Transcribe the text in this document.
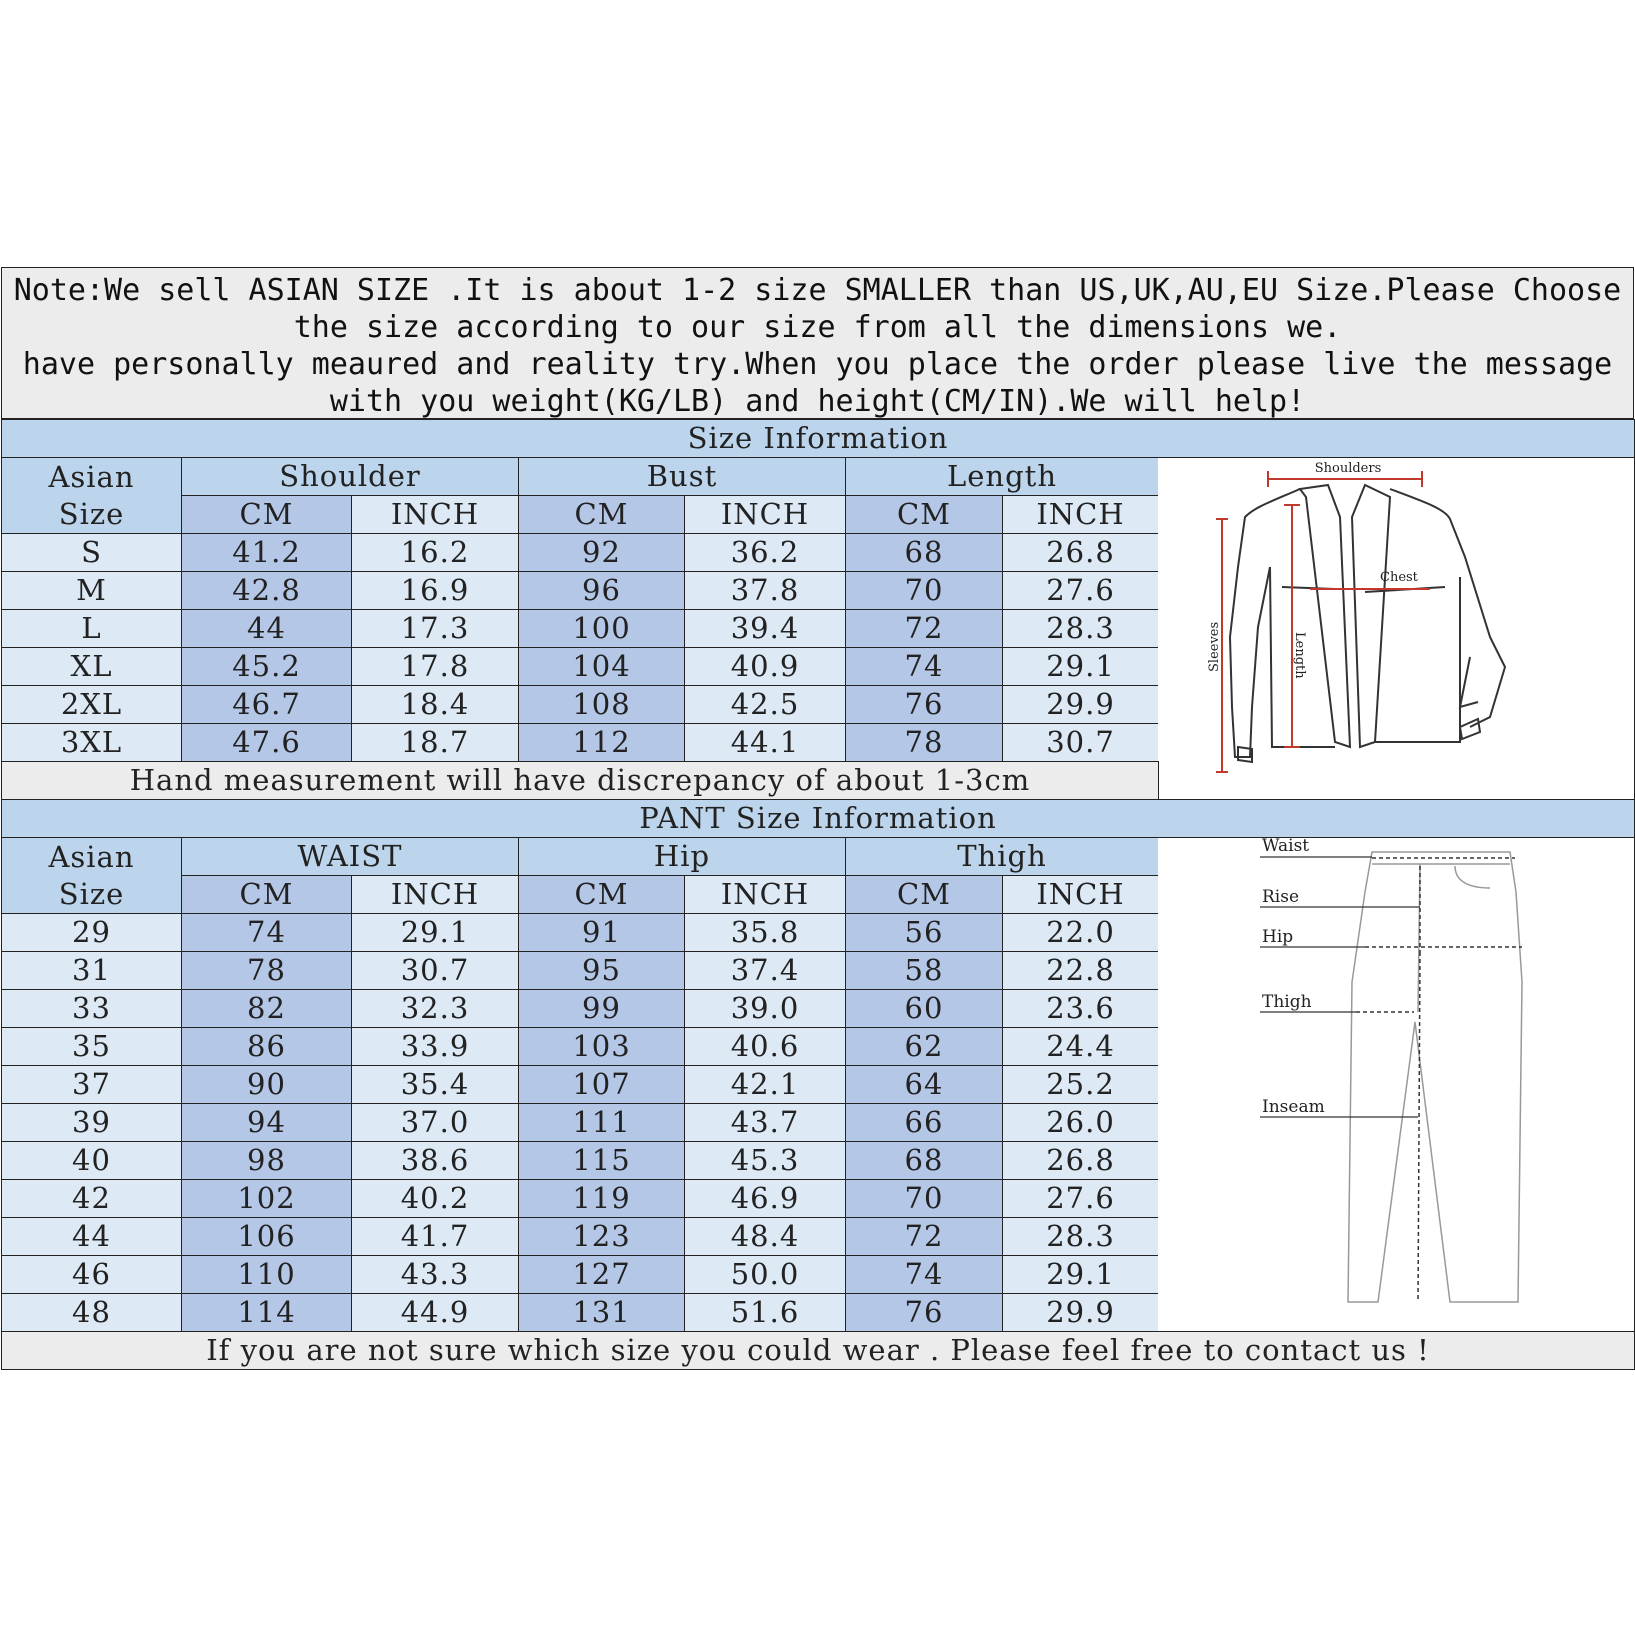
Note:We sell ASIAN SIZE .It is about 1-2 size SMALLER than US,UK,AU,EU Size.Please Choose
the size according to our size from all the dimensions we.
have personally meaured and reality try.When you place the order please live the message
with you weight(KG/LB) and height(CM/IN).We will help!
Size Information
Asian
Size
Shoulder	Bust	Length
CM	INCH	CM	INCH	CM	INCH
S	41.2	16.2	92	36.2	68	26.8
M	42.8	16.9	96	37.8	70	27.6
L	44	17.3	100	39.4	72	28.3
XL	45.2	17.8	104	40.9	74	29.1
2XL	46.7	18.4	108	42.5	76	29.9
3XL	47.6	18.7	112	44.1	78	30.7
Hand measurement will have discrepancy of about 1-3cm
PANT Size Information
Asian
Size
WAIST	Hip	Thigh
CM	INCH	CM	INCH	CM	INCH
29	74	29.1	91	35.8	56	22.0
31	78	30.7	95	37.4	58	22.8
33	82	32.3	99	39.0	60	23.6
35	86	33.9	103	40.6	62	24.4
37	90	35.4	107	42.1	64	25.2
39	94	37.0	111	43.7	66	26.0
40	98	38.6	115	45.3	68	26.8
42	102	40.2	119	46.9	70	27.6
44	106	41.7	123	48.4	72	28.3
46	110	43.3	127	50.0	74	29.1
48	114	44.9	131	51.6	76	29.9
If you are not sure which size you could wear . Please feel free to contact us !
Shoulders
Chest
Sleeves	Length
Waist
Rise
Hip
Thigh
Inseam
